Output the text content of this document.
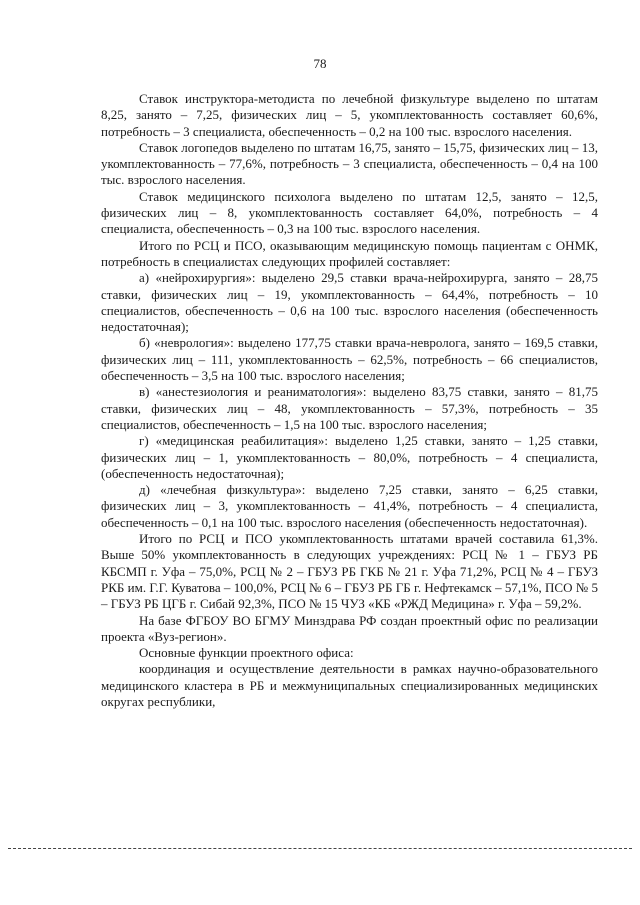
78

Ставок инструктора-методиста по лечебной физкультуре выделено по штатам 8,25, занято – 7,25, физических лиц – 5, укомплектованность составляет 60,6%, потребность – 3 специалиста, обеспеченность – 0,2 на 100 тыс. взрослого населения.

Ставок логопедов выделено по штатам 16,75, занято – 15,75, физических лиц – 13, укомплектованность – 77,6%, потребность – 3 специалиста, обеспеченность – 0,4 на 100 тыс. взрослого населения.

Ставок медицинского психолога выделено по штатам 12,5, занято – 12,5, физических лиц – 8, укомплектованность составляет 64,0%, потребность – 4 специалиста, обеспеченность – 0,3 на 100 тыс. взрослого населения.

Итого по РСЦ и ПСО, оказывающим медицинскую помощь пациентам с ОНМК, потребность в специалистах следующих профилей составляет:

а) «нейрохирургия»: выделено 29,5 ставки врача-нейрохирурга, занято – 28,75 ставки, физических лиц – 19, укомплектованность – 64,4%, потребность – 10 специалистов, обеспеченность – 0,6 на 100 тыс. взрослого населения (обеспеченность недостаточная);

б) «неврология»: выделено 177,75 ставки врача-невролога, занято – 169,5 ставки, физических лиц – 111, укомплектованность – 62,5%, потребность – 66 специалистов, обеспеченность – 3,5 на 100 тыс. взрослого населения;

в) «анестезиология и реаниматология»: выделено 83,75 ставки, занято – 81,75 ставки, физических лиц – 48, укомплектованность – 57,3%, потребность – 35 специалистов, обеспеченность – 1,5 на 100 тыс. взрослого населения;

г) «медицинская реабилитация»: выделено 1,25 ставки, занято – 1,25 ставки, физических лиц – 1, укомплектованность – 80,0%, потребность – 4 специалиста, (обеспеченность недостаточная);

д) «лечебная физкультура»: выделено 7,25 ставки, занято – 6,25 ставки, физических лиц – 3, укомплектованность – 41,4%, потребность – 4 специалиста, обеспеченность – 0,1 на 100 тыс. взрослого населения (обеспеченность недостаточная).

Итого по РСЦ и ПСО укомплектованность штатами врачей составила 61,3%. Выше 50% укомплектованность в следующих учреждениях: РСЦ № 1 – ГБУЗ РБ КБСМП г. Уфа – 75,0%, РСЦ № 2 – ГБУЗ РБ ГКБ № 21 г. Уфа 71,2%, РСЦ № 4 – ГБУЗ РКБ им. Г.Г. Куватова – 100,0%, РСЦ № 6 – ГБУЗ РБ ГБ г. Нефтекамск – 57,1%, ПСО № 5 – ГБУЗ РБ ЦГБ г. Сибай 92,3%, ПСО № 15 ЧУЗ «КБ «РЖД Медицина» г. Уфа – 59,2%.

На базе ФГБОУ ВО БГМУ Минздрава РФ создан проектный офис по реализации проекта «Вуз-регион».

Основные функции проектного офиса:

координация и осуществление деятельности в рамках научно-образовательного медицинского кластера в РБ и межмуниципальных специализированных медицинских округах республики,
